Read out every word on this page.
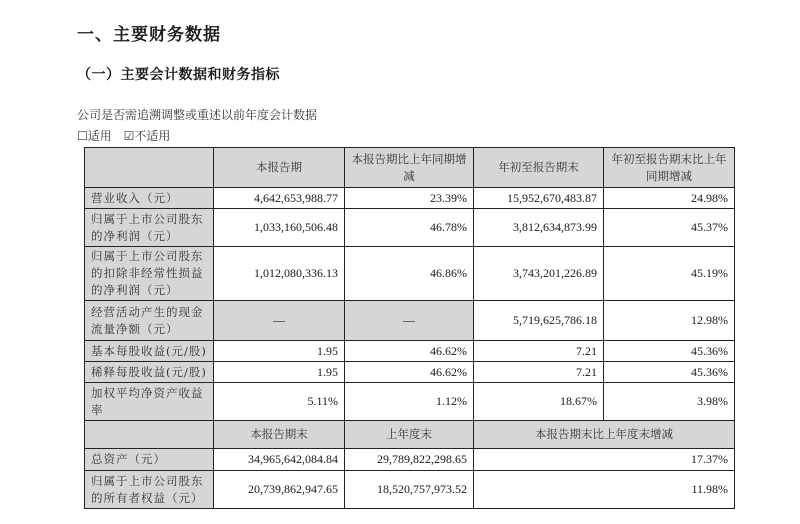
一、主要财务数据
（一）主要会计数据和财务指标
公司是否需追溯调整或重述以前年度会计数据
☐适用 ☑不适用
	本报告期	本报告期比上年同期增减	年初至报告期末	年初至报告期末比上年同期增减
营业收入（元）	4,642,653,988.77	23.39%	15,952,670,483.87	24.98%
归属于上市公司股东的净利润（元）	1,033,160,506.48	46.78%	3,812,634,873.99	45.37%
归属于上市公司股东的扣除非经常性损益的净利润（元）	1,012,080,336.13	46.86%	3,743,201,226.89	45.19%
经营活动产生的现金流量净额（元）	—	—	5,719,625,786.18	12.98%
基本每股收益(元/股)	1.95	46.62%	7.21	45.36%
稀释每股收益(元/股)	1.95	46.62%	7.21	45.36%
加权平均净资产收益率	5.11%	1.12%	18.67%	3.98%
	本报告期末	上年度末	本报告期末比上年度末增减	
总资产（元）	34,965,642,084.84	29,789,822,298.65	17.37%	
归属于上市公司股东的所有者权益（元）	20,739,862,947.65	18,520,757,973.52	11.98%	
